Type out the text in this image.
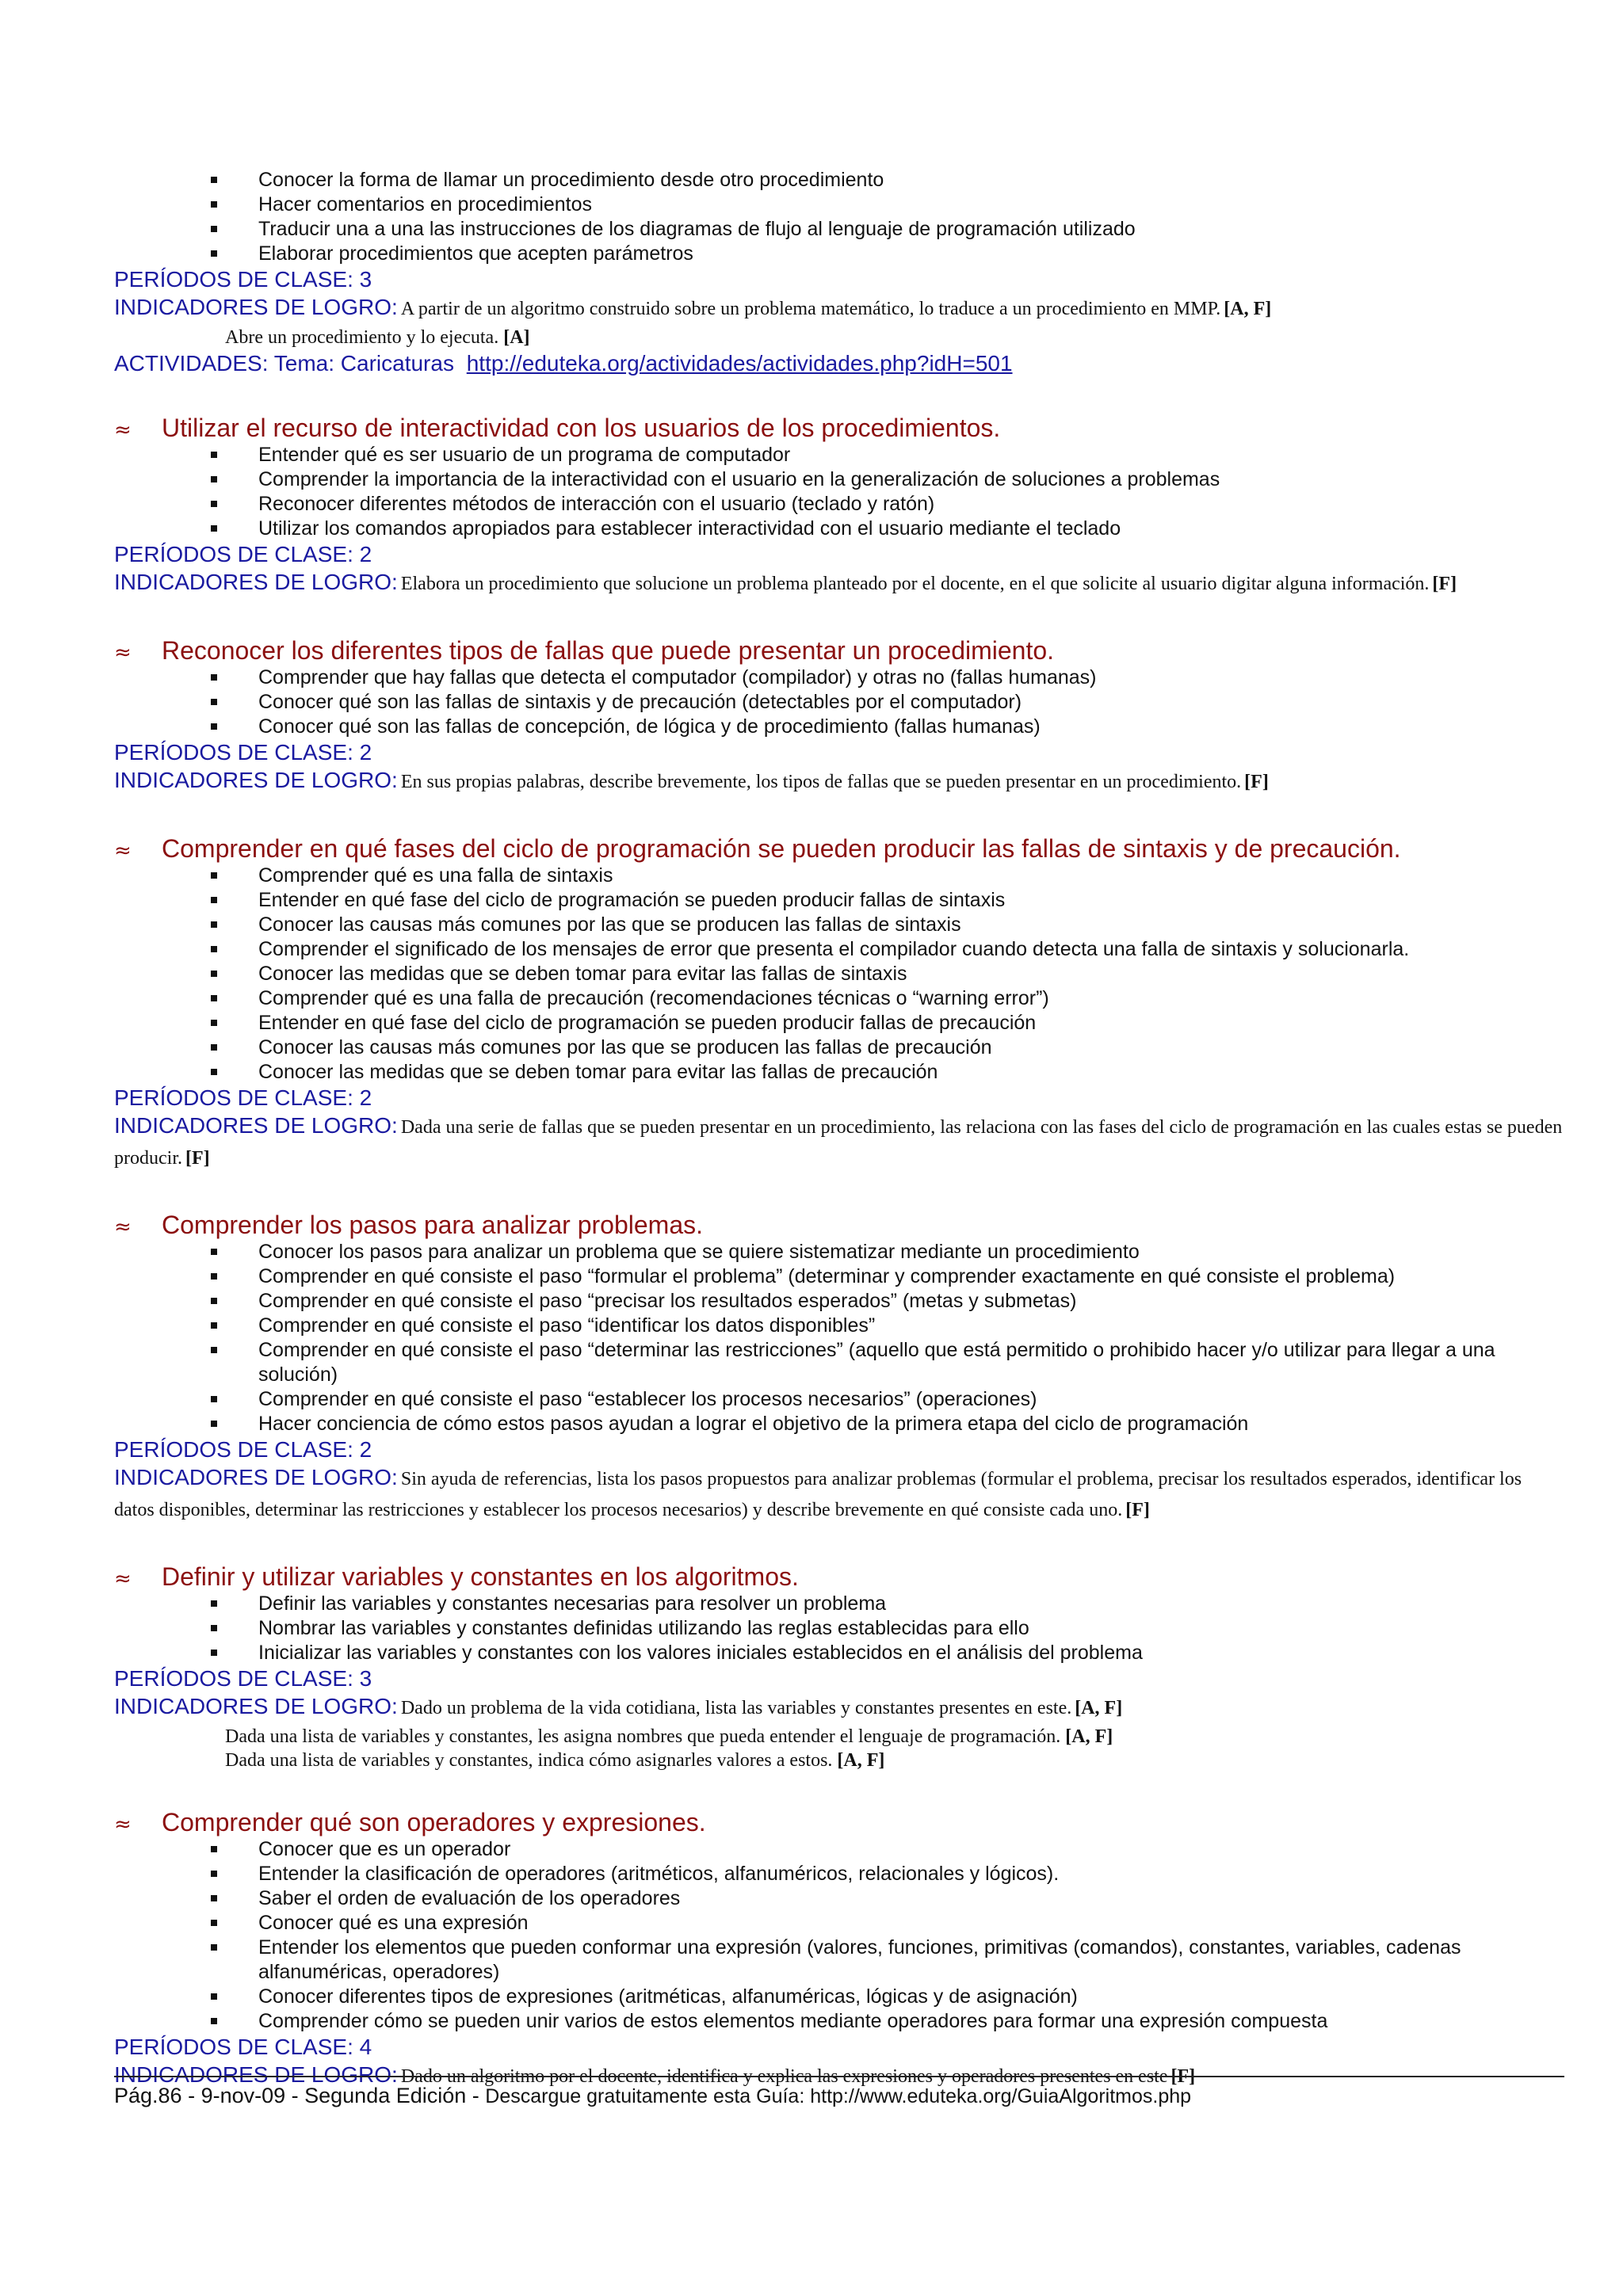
Conocer la forma de llamar un procedimiento desde otro procedimiento
Hacer comentarios en procedimientos
Traducir una a una las instrucciones de los diagramas de flujo al lenguaje de programación utilizado
Elaborar procedimientos que acepten parámetros
PERÍODOS DE CLASE: 3
INDICADORES DE LOGRO: A partir de un algoritmo construido sobre un problema matemático, lo traduce a un procedimiento en MMP. [A, F]
Abre un procedimiento y lo ejecuta. [A]
ACTIVIDADES: Tema: Caricaturas http://eduteka.org/actividades/actividades.php?idH=501
≈	Utilizar el recurso de interactividad con los usuarios de los procedimientos.
Entender qué es ser usuario de un programa de computador
Comprender la importancia de la interactividad con el usuario en la generalización de soluciones a problemas
Reconocer diferentes métodos de interacción con el usuario (teclado y ratón)
Utilizar los comandos apropiados para establecer interactividad con el usuario mediante el teclado
PERÍODOS DE CLASE: 2
INDICADORES DE LOGRO: Elabora un procedimiento que solucione un problema planteado por el docente, en el que solicite al usuario digitar alguna información. [F]
≈	Reconocer los diferentes tipos de fallas que puede presentar un procedimiento.
Comprender que hay fallas que detecta el computador (compilador) y otras no (fallas humanas)
Conocer qué son las fallas de sintaxis y de precaución (detectables por el computador)
Conocer qué son las fallas de concepción, de lógica y de procedimiento (fallas humanas)
PERÍODOS DE CLASE: 2
INDICADORES DE LOGRO: En sus propias palabras, describe brevemente, los tipos de fallas que se pueden presentar en un procedimiento. [F]
≈	Comprender en qué fases del ciclo de programación se pueden producir las fallas de sintaxis y de precaución.
Comprender qué es una falla de sintaxis
Entender en qué fase del ciclo de programación se pueden producir fallas de sintaxis
Conocer las causas más comunes por las que se producen las fallas de sintaxis
Comprender el significado de los mensajes de error que presenta el compilador cuando detecta una falla de sintaxis y solucionarla.
Conocer las medidas que se deben tomar para evitar las fallas de sintaxis
Comprender qué es una falla de precaución (recomendaciones técnicas o “warning error”)
Entender en qué fase del ciclo de programación se pueden producir fallas de precaución
Conocer las causas más comunes por las que se producen las fallas de precaución
Conocer las medidas que se deben tomar para evitar las fallas de precaución
PERÍODOS DE CLASE: 2
INDICADORES DE LOGRO: Dada una serie de fallas que se pueden presentar en un procedimiento, las relaciona con las fases del ciclo de programación en las cuales estas se pueden producir. [F]
≈	Comprender los pasos para analizar problemas.
Conocer los pasos para analizar un problema que se quiere sistematizar mediante un procedimiento
Comprender en qué consiste el paso “formular el problema” (determinar y comprender exactamente en qué consiste el problema)
Comprender en qué consiste el paso “precisar los resultados esperados” (metas y submetas)
Comprender en qué consiste el paso “identificar los datos disponibles”
Comprender en qué consiste el paso “determinar las restricciones” (aquello que está permitido o prohibido hacer y/o utilizar para llegar a una solución)
Comprender en qué consiste el paso “establecer los procesos necesarios” (operaciones)
Hacer conciencia de cómo estos pasos ayudan a lograr el objetivo de la primera etapa del ciclo de programación
PERÍODOS DE CLASE: 2
INDICADORES DE LOGRO: Sin ayuda de referencias, lista los pasos propuestos para analizar problemas (formular el problema, precisar los resultados esperados, identificar los datos disponibles, determinar las restricciones y establecer los procesos necesarios) y describe brevemente en qué consiste cada uno. [F]
≈	Definir y utilizar variables y constantes en los algoritmos.
Definir las variables y constantes necesarias para resolver un problema
Nombrar las variables y constantes definidas utilizando las reglas establecidas para ello
Inicializar las variables y constantes con los valores iniciales establecidos en el análisis del problema
PERÍODOS DE CLASE: 3
INDICADORES DE LOGRO: Dado un problema de la vida cotidiana, lista las variables y constantes presentes en este. [A, F]
Dada una lista de variables y constantes, les asigna nombres que pueda entender el lenguaje de programación. [A, F]
Dada una lista de variables y constantes, indica cómo asignarles valores a estos. [A, F]
≈	Comprender qué son operadores y expresiones.
Conocer que es un operador
Entender la clasificación de operadores (aritméticos, alfanuméricos, relacionales y lógicos).
Saber el orden de evaluación de los operadores
Conocer qué es una expresión
Entender los elementos que pueden conformar una expresión (valores, funciones, primitivas (comandos), constantes, variables, cadenas alfanuméricas, operadores)
Conocer diferentes tipos de expresiones (aritméticas, alfanuméricas, lógicas y de asignación)
Comprender cómo se pueden unir varios de estos elementos mediante operadores para formar una expresión compuesta
PERÍODOS DE CLASE: 4
INDICADORES DE LOGRO: Dado un algoritmo por el docente, identifica y explica las expresiones y operadores presentes en este [F]
Pág.86 - 9-nov-09 - Segunda Edición - Descargue gratuitamente esta Guía: http://www.eduteka.org/GuiaAlgoritmos.php
